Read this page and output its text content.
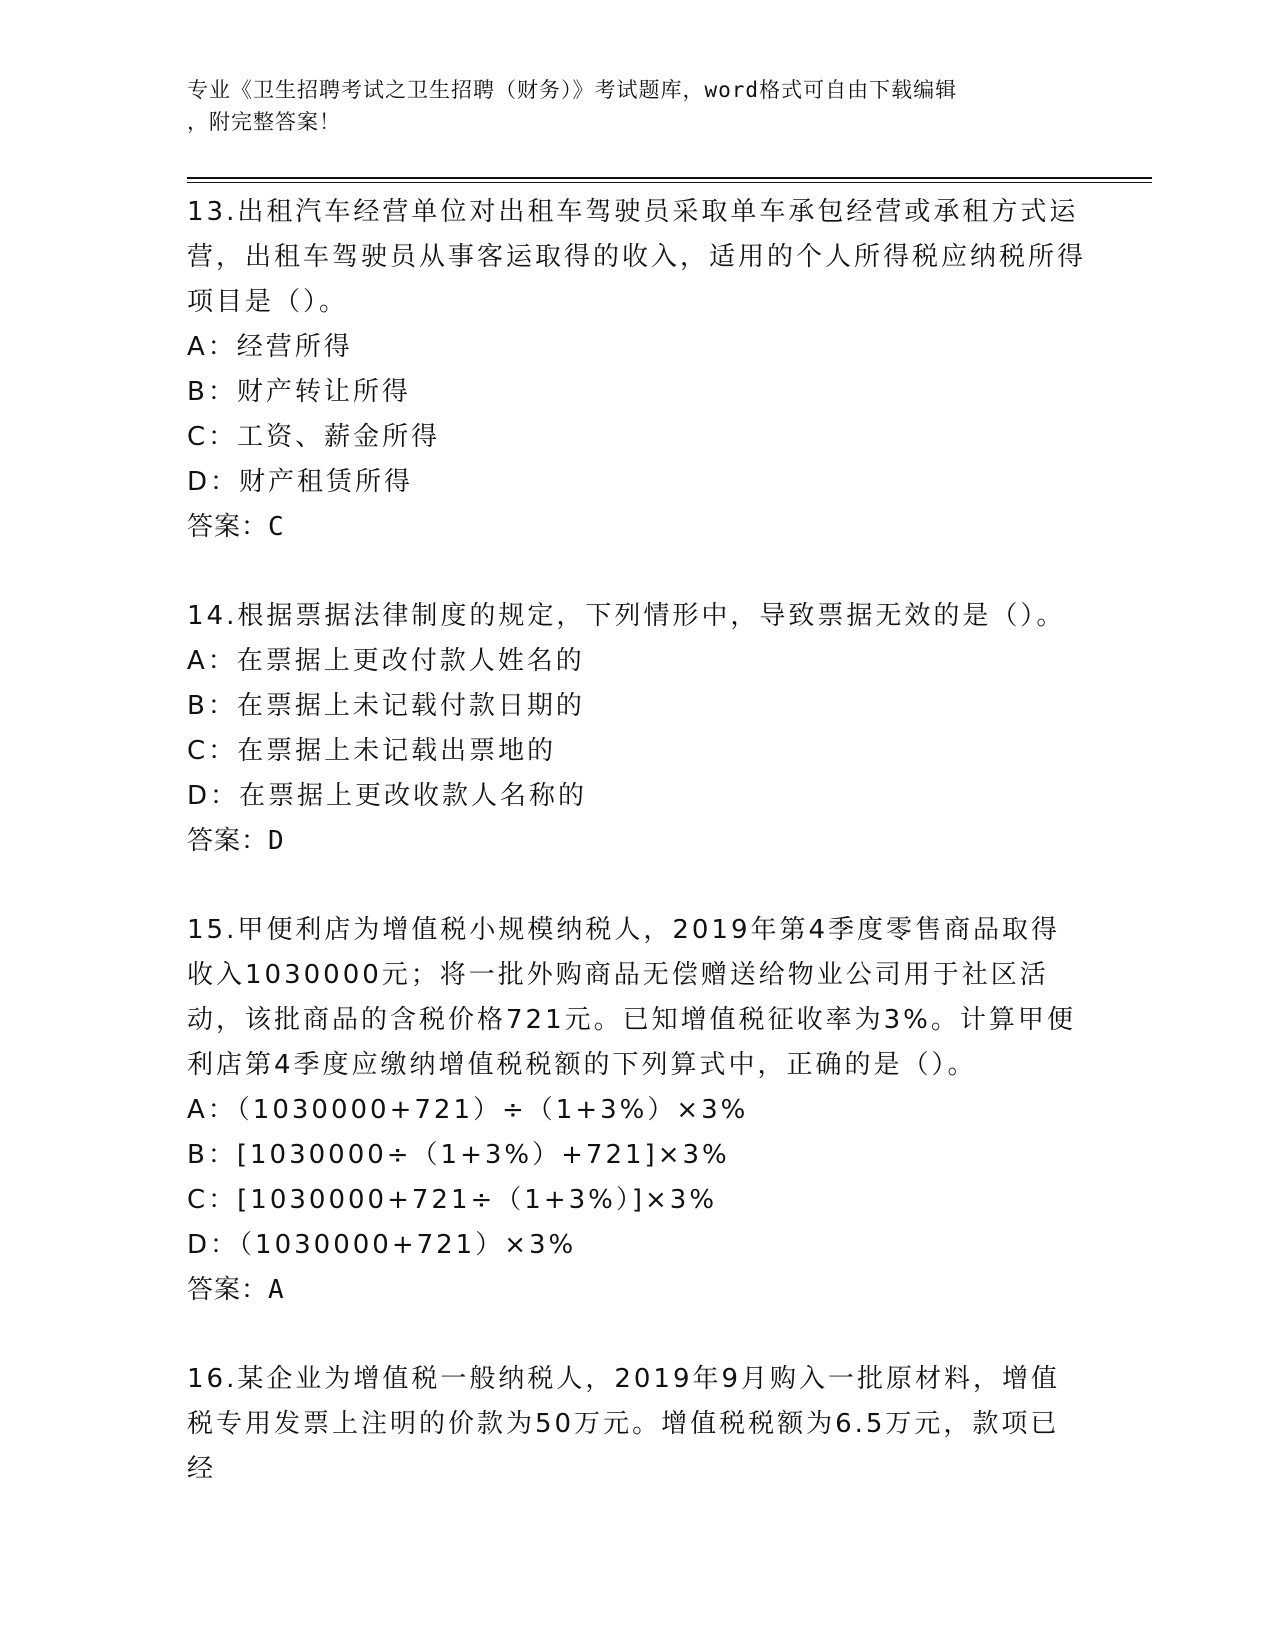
专业《卫生招聘考试之卫生招聘（财务）》考试题库，word格式可自由下载编辑
，附完整答案！

13.出租汽车经营单位对出租车驾驶员采取单车承包经营或承租方式运营，出租车驾驶员从事客运取得的收入，适用的个人所得税应纳税所得项目是（）。

A：经营所得

B：财产转让所得

C：工资、薪金所得

D：财产租赁所得

答案：C

14.根据票据法律制度的规定，下列情形中，导致票据无效的是（）。

A：在票据上更改付款人姓名的

B：在票据上未记载付款日期的

C：在票据上未记载出票地的

D：在票据上更改收款人名称的

答案：D

15.甲便利店为增值税小规模纳税人，2019年第4季度零售商品取得收入1030000元；将一批外购商品无偿赠送给物业公司用于社区活动，该批商品的含税价格721元。已知增值税征收率为3%。计算甲便利店第4季度应缴纳增值税税额的下列算式中，正确的是（）。

A：（1030000+721）÷（1+3%）×3%

B：[1030000÷（1+3%）+721]×3%

C：[1030000+721÷（1+3%）]×3%

D：（1030000+721）×3%

答案：A

16.某企业为增值税一般纳税人，2019年9月购入一批原材料，增值税专用发票上注明的价款为50万元。增值税税额为6.5万元，款项已经
